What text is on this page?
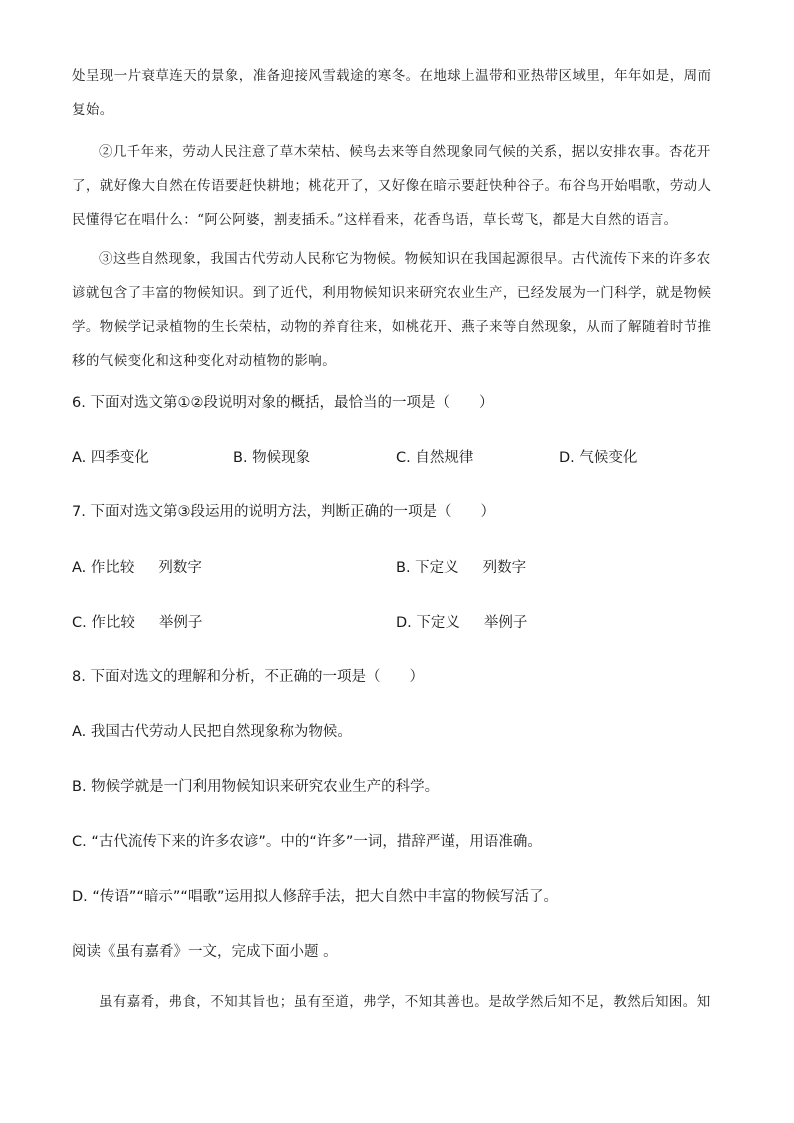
处呈现一片衰草连天的景象，准备迎接风雪载途的寒冬。在地球上温带和亚热带区域里，年年如是，周而
复始。
②几千年来，劳动人民注意了草木荣枯、候鸟去来等自然现象同气候的关系，据以安排农事。杏花开
了，就好像大自然在传语要赶快耕地；桃花开了，又好像在暗示要赶快种谷子。布谷鸟开始唱歌，劳动人
民懂得它在唱什么：“阿公阿婆，割麦插禾。”这样看来，花香鸟语，草长莺飞，都是大自然的语言。
③这些自然现象，我国古代劳动人民称它为物候。物候知识在我国起源很早。古代流传下来的许多农
谚就包含了丰富的物候知识。到了近代，利用物候知识来研究农业生产，已经发展为一门科学，就是物候
学。物候学记录植物的生长荣枯，动物的养育往来，如桃花开、燕子来等自然现象，从而了解随着时节推
移的气候变化和这种变化对动植物的影响。
6. 下面对选文第①②段说明对象的概括，最恰当的一项是（　　）
A. 四季变化	B. 物候现象	C. 自然规律	D. 气候变化
7. 下面对选文第③段运用的说明方法，判断正确的一项是（　　）
A. 作比较 列数字	B. 下定义 列数字
C. 作比较 举例子	D. 下定义 举例子
8. 下面对选文的理解和分析，不正确的一项是（　　）
A. 我国古代劳动人民把自然现象称为物候。
B. 物候学就是一门利用物候知识来研究农业生产的科学。
C. “古代流传下来的许多农谚”。中的“许多”一词，措辞严谨，用语准确。
D. “传语”“暗示”“唱歌”运用拟人修辞手法，把大自然中丰富的物候写活了。
阅读《虽有嘉肴》一文，完成下面小题 。
虽有嘉肴，弗食，不知其旨也；虽有至道，弗学，不知其善也。是故学然后知不足，教然后知困。知
